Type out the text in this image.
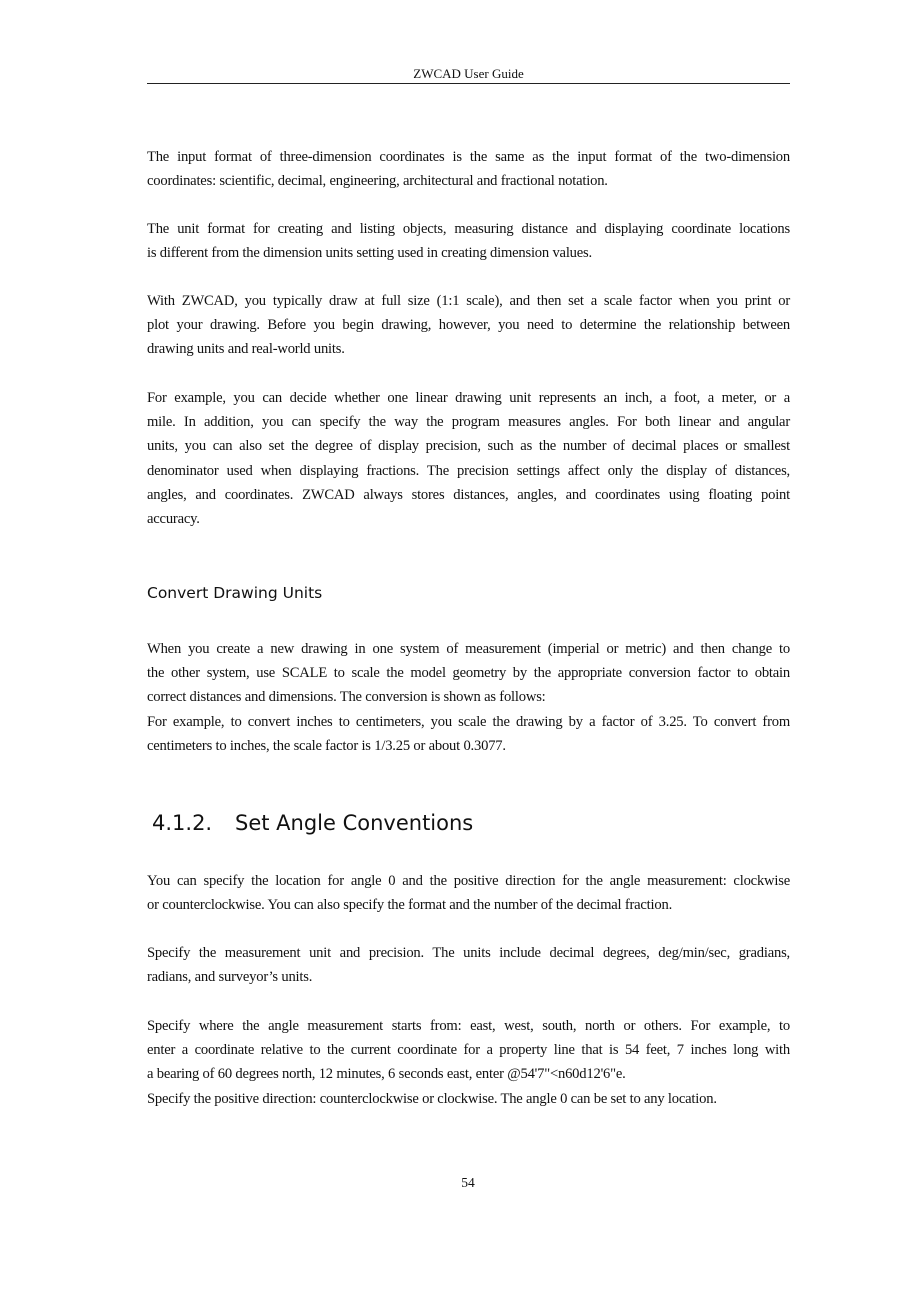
ZWCAD User Guide
The input format of three-dimension coordinates is the same as the input format of the two-dimension
coordinates: scientific, decimal, engineering, architectural and fractional notation.
The unit format for creating and listing objects, measuring distance and displaying coordinate locations
is different from the dimension units setting used in creating dimension values.
With ZWCAD, you typically draw at full size (1:1 scale), and then set a scale factor when you print or
plot your drawing. Before you begin drawing, however, you need to determine the relationship between
drawing units and real-world units.
For example, you can decide whether one linear drawing unit represents an inch, a foot, a meter, or a
mile. In addition, you can specify the way the program measures angles. For both linear and angular
units, you can also set the degree of display precision, such as the number of decimal places or smallest
denominator used when displaying fractions. The precision settings affect only the display of distances,
angles, and coordinates. ZWCAD always stores distances, angles, and coordinates using floating point
accuracy.
Convert Drawing Units
When you create a new drawing in one system of measurement (imperial or metric) and then change to
the other system, use SCALE to scale the model geometry by the appropriate conversion factor to obtain
correct distances and dimensions. The conversion is shown as follows:
For example, to convert inches to centimeters, you scale the drawing by a factor of 3.25. To convert from
centimeters to inches, the scale factor is 1/3.25 or about 0.3077.
4.1.2. Set Angle Conventions
You can specify the location for angle 0 and the positive direction for the angle measurement: clockwise
or counterclockwise. You can also specify the format and the number of the decimal fraction.
Specify the measurement unit and precision. The units include decimal degrees, deg/min/sec, gradians,
radians, and surveyor’s units.
Specify where the angle measurement starts from: east, west, south, north or others. For example, to
enter a coordinate relative to the current coordinate for a property line that is 54 feet, 7 inches long with
a bearing of 60 degrees north, 12 minutes, 6 seconds east, enter @54'7"<n60d12'6"e.
Specify the positive direction: counterclockwise or clockwise. The angle 0 can be set to any location.
54
